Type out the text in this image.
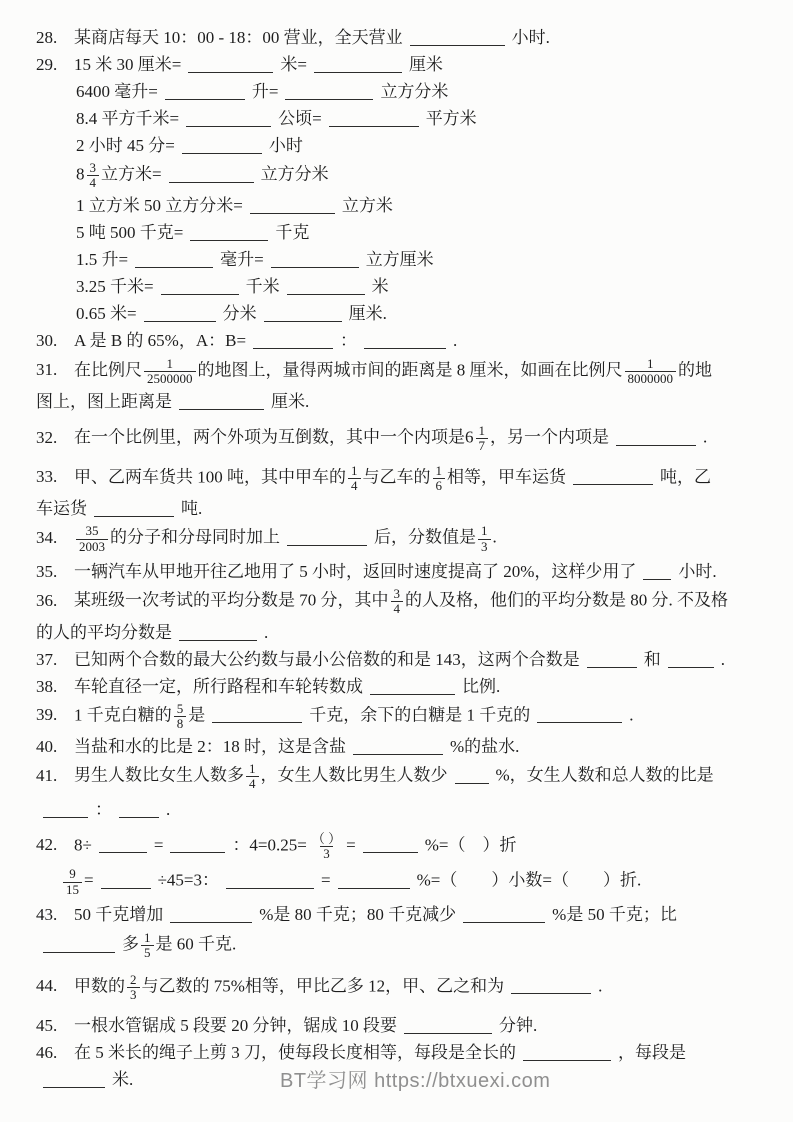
28. 某商店每天 10：00 - 18：00 营业，全天营业	小时.
29. 15 米 30 厘米=	米=	厘米
6400 毫升=	升=	立方分米
8.4 平方千米=	公顷=	平方米
2 小时 45 分=	小时
$8 \frac{3}{4}$ 立方米=	立方分米
1 立方米 50 立方分米=	立方米
5 吨 500 千克=	千克
1.5 升=	毫升=	立方厘米
3.25 千米=	千米	米
0.65 米=	分米	厘米.
30. A 是 B 的 65%，A：B=	：	.
31. 在比例尺 $\frac{1}{2500000}$ 的地图上，量得两城市间的距离是 8 厘米，如画在比例尺 $\frac{1}{8000000}$ 的地
图上，图上距离是	厘米.
32. 在一个比例里，两个外项为互倒数，其中一个内项是$6 \frac{1}{7}$ ，另一个内项是	.
33. 甲、乙两车货共 100 吨，其中甲车的 $\frac{1}{4}$ 与乙车的 $\frac{1}{6}$ 相等，甲车运货	吨，乙
车运货	吨.
34. $\frac{35}{2003}$ 的分子和分母同时加上	后，分数值是 $\frac{1}{3}$ .
35. 一辆汽车从甲地开往乙地用了 5 小时，返回时速度提高了 20%，这样少用了 小时.
36. 某班级一次考试的平均分数是 70 分，其中 $\frac{3}{4}$ 的人及格，他们的平均分数是 80 分. 不及格
的人的平均分数是	.
37. 已知两个合数的最大公约数与最小公倍数的和是 143，这两个合数是	和	.
38. 车轮直径一定，所行路程和车轮转数成	比例.
39. 1 千克白糖的 $\frac{5}{8}$ 是	千克，余下的白糖是 1 千克的	.
40. 当盐和水的比是 2：18 时，这是含盐	%的盐水.
41. 男生人数比女生人数多 $\frac{1}{4}$ ，女生人数比男生人数少	%，女生人数和总人数的比是
：	.
42. 8÷	=	：$4=0.25= \frac{( )}{3}$ =	%=（　）折
$\frac{9}{15}$ =	÷45=3：	=	%=（　　）小数=（　　）折.
43. 50 千克增加	%是 80 千克；80 千克减少	%是 50 千克；比
多 $\frac{1}{5}$ 是 60 千克.
44. 甲数的 $\frac{2}{3}$ 与乙数的 75%相等，甲比乙多 12，甲、乙之和为	.
45. 一根水管锯成 5 段要 20 分钟，锯成 10 段要	分钟.
46. 在 5 米长的绳子上剪 3 刀，使每段长度相等，每段是全长的	，每段是
米.	BT学习网 https://btxuexi.com
